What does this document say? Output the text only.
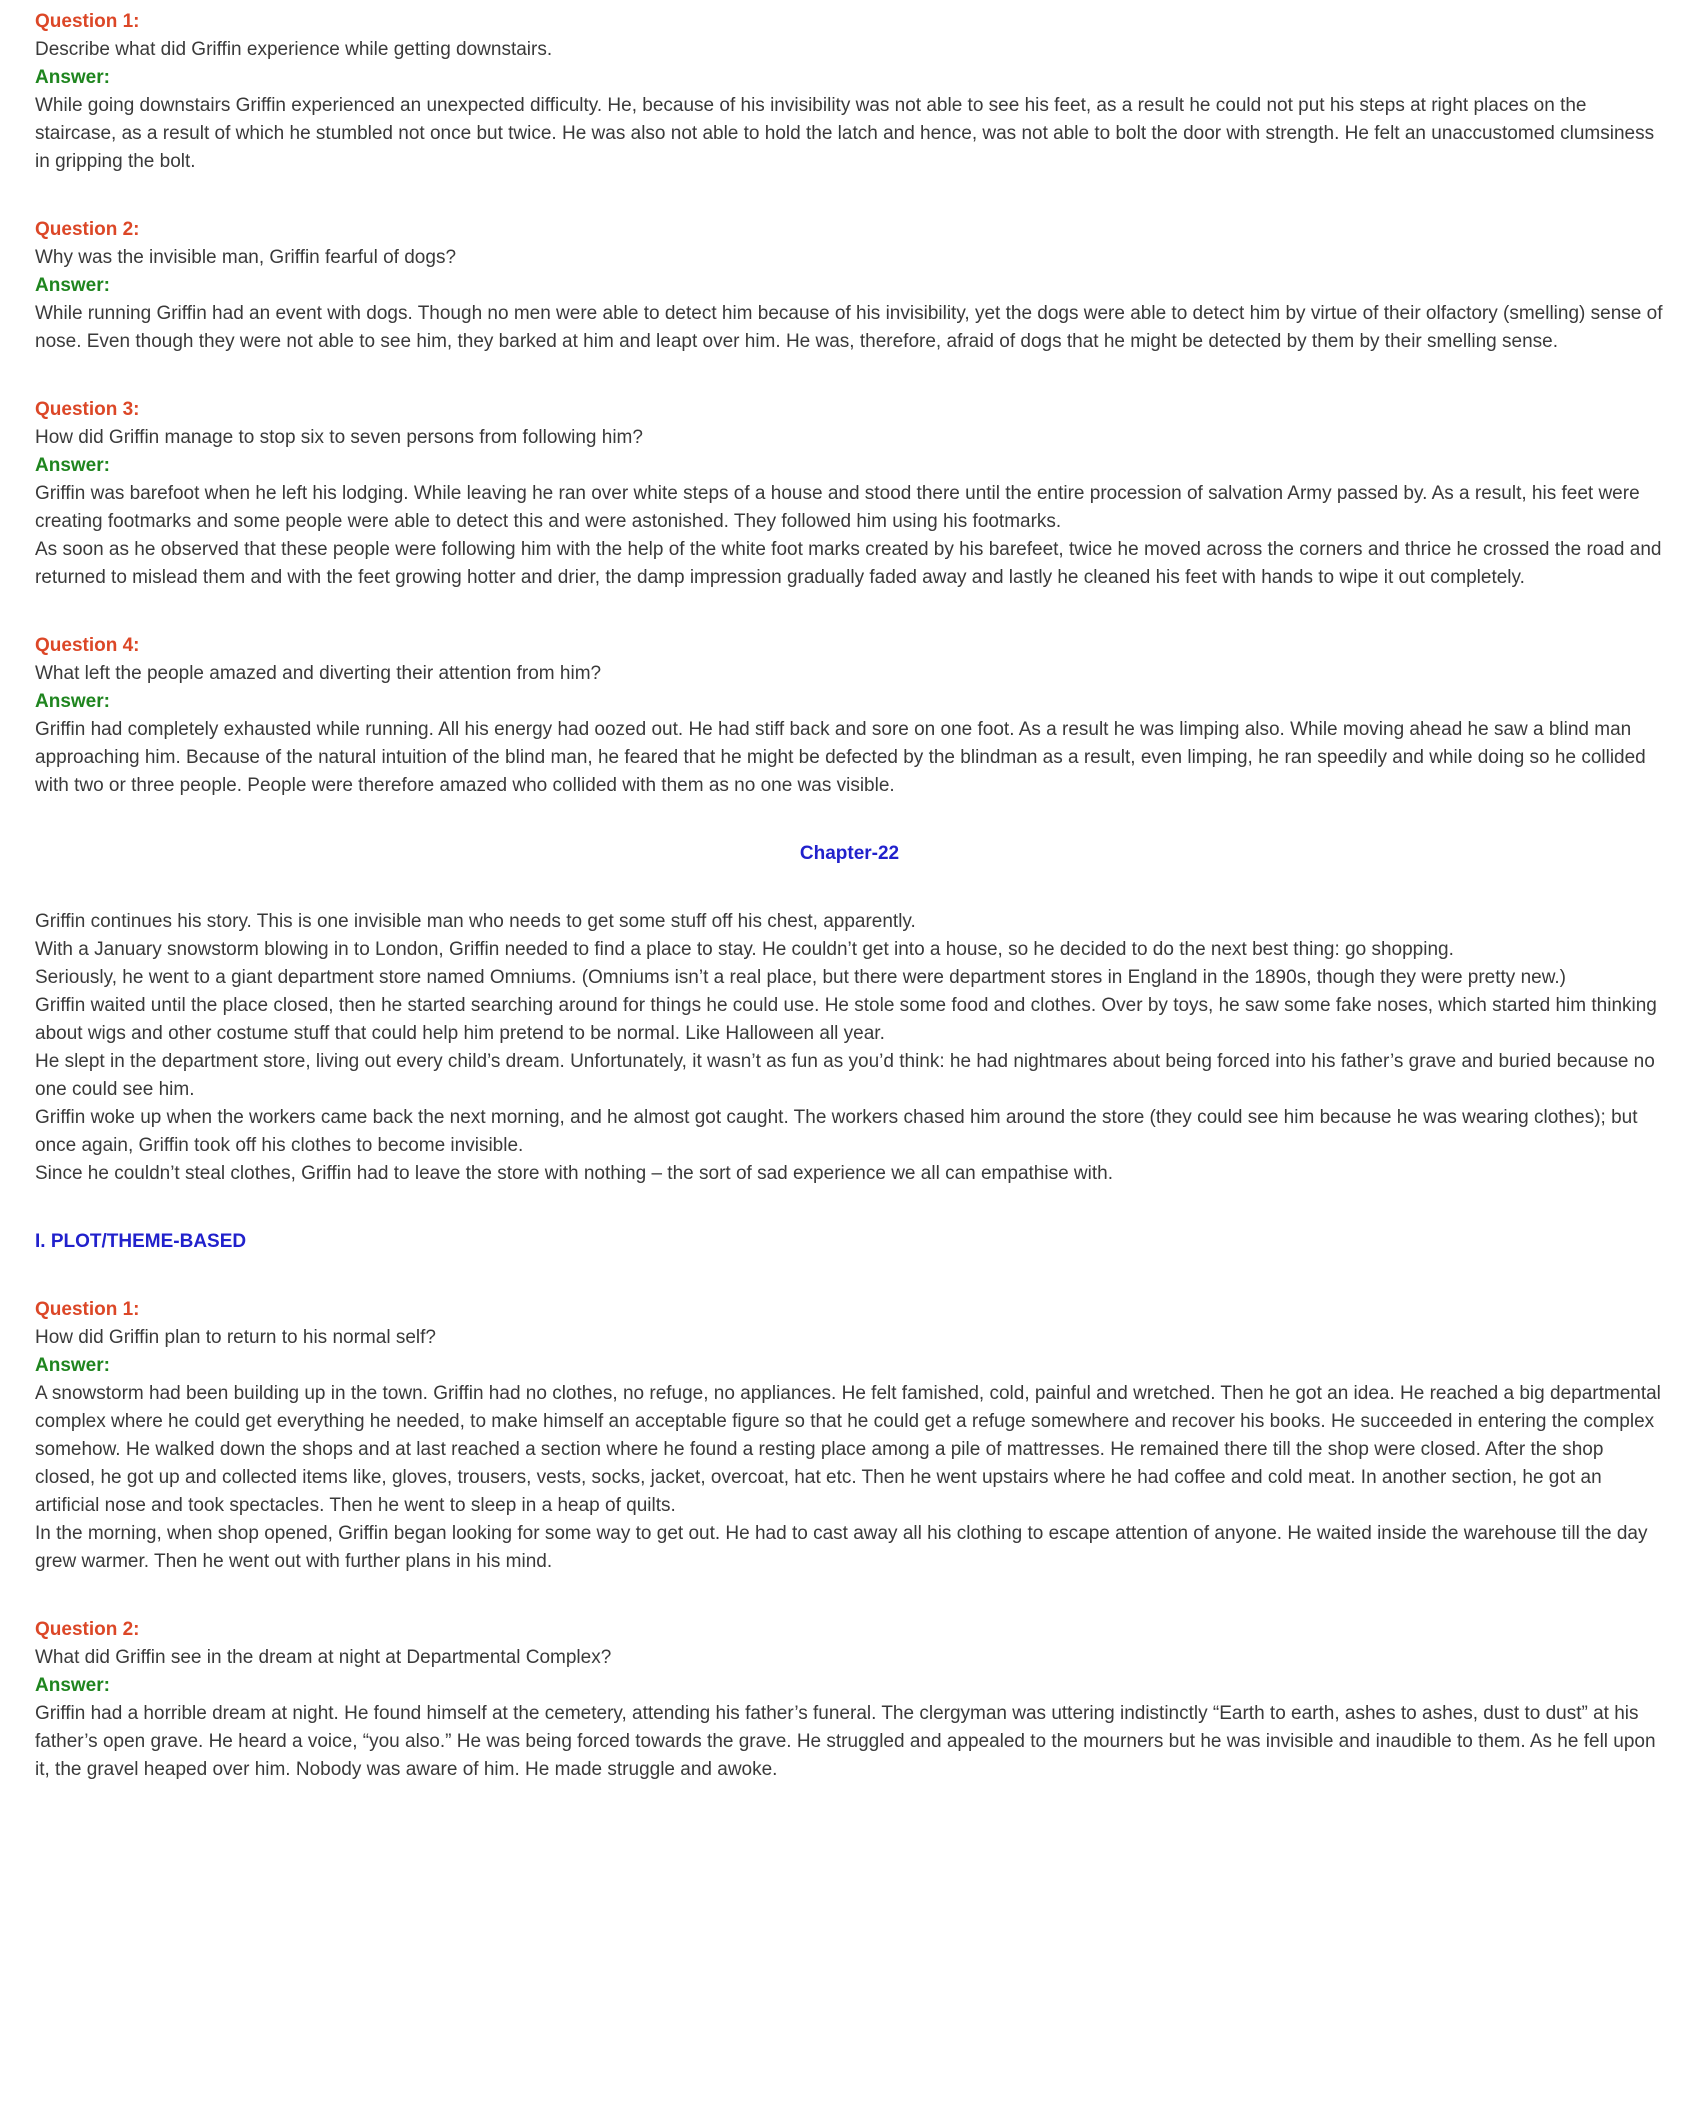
Question 1:

Describe what did Griffin experience while getting downstairs.

Answer:

While going downstairs Griffin experienced an unexpected difficulty. He, because of his invisibility was not able to see his feet, as a result he could not put his steps at right places on the staircase, as a result of which he stumbled not once but twice. He was also not able to hold the latch and hence, was not able to bolt the door with strength. He felt an unaccustomed clumsiness in gripping the bolt.

Question 2:

Why was the invisible man, Griffin fearful of dogs?

Answer:

While running Griffin had an event with dogs. Though no men were able to detect him because of his invisibility, yet the dogs were able to detect him by virtue of their olfactory (smelling) sense of nose. Even though they were not able to see him, they barked at him and leapt over him. He was, therefore, afraid of dogs that he might be detected by them by their smelling sense.

Question 3:

How did Griffin manage to stop six to seven persons from following him?

Answer:

Griffin was barefoot when he left his lodging. While leaving he ran over white steps of a house and stood there until the entire procession of salvation Army passed by. As a result, his feet were creating footmarks and some people were able to detect this and were astonished. They followed him using his footmarks.

As soon as he observed that these people were following him with the help of the white foot marks created by his barefeet, twice he moved across the corners and thrice he crossed the road and returned to mislead them and with the feet growing hotter and drier, the damp impression gradually faded away and lastly he cleaned his feet with hands to wipe it out completely.

Question 4:

What left the people amazed and diverting their attention from him?

Answer:

Griffin had completely exhausted while running. All his energy had oozed out. He had stiff back and sore on one foot. As a result he was limping also. While moving ahead he saw a blind man approaching him. Because of the natural intuition of the blind man, he feared that he might be defected by the blindman as a result, even limping, he ran speedily and while doing so he collided with two or three people. People were therefore amazed who collided with them as no one was visible.

Chapter-22

Griffin continues his story. This is one invisible man who needs to get some stuff off his chest, apparently.

With a January snowstorm blowing in to London, Griffin needed to find a place to stay. He couldn’t get into a house, so he decided to do the next best thing: go shopping.

Seriously, he went to a giant department store named Omniums. (Omniums isn’t a real place, but there were department stores in England in the 1890s, though they were pretty new.)

Griffin waited until the place closed, then he started searching around for things he could use. He stole some food and clothes. Over by toys, he saw some fake noses, which started him thinking about wigs and other costume stuff that could help him pretend to be normal. Like Halloween all year.

He slept in the department store, living out every child’s dream. Unfortunately, it wasn’t as fun as you’d think: he had nightmares about being forced into his father’s grave and buried because no one could see him.

Griffin woke up when the workers came back the next morning, and he almost got caught. The workers chased him around the store (they could see him because he was wearing clothes); but once again, Griffin took off his clothes to become invisible.

Since he couldn’t steal clothes, Griffin had to leave the store with nothing – the sort of sad experience we all can empathise with.

I. PLOT/THEME-BASED
Question 1:

How did Griffin plan to return to his normal self?

Answer:

A snowstorm had been building up in the town. Griffin had no clothes, no refuge, no appliances. He felt famished, cold, painful and wretched. Then he got an idea. He reached a big departmental complex where he could get everything he needed, to make himself an acceptable figure so that he could get a refuge somewhere and recover his books. He succeeded in entering the complex somehow. He walked down the shops and at last reached a section where he found a resting place among a pile of mattresses. He remained there till the shop were closed. After the shop closed, he got up and collected items like, gloves, trousers, vests, socks, jacket, overcoat, hat etc. Then he went upstairs where he had coffee and cold meat. In another section, he got an artificial nose and took spectacles. Then he went to sleep in a heap of quilts.

In the morning, when shop opened, Griffin began looking for some way to get out. He had to cast away all his clothing to escape attention of anyone. He waited inside the warehouse till the day grew warmer. Then he went out with further plans in his mind.

Question 2:

What did Griffin see in the dream at night at Departmental Complex?

Answer:

Griffin had a horrible dream at night. He found himself at the cemetery, attending his father’s funeral. The clergyman was uttering indistinctly “Earth to earth, ashes to ashes, dust to dust” at his father’s open grave. He heard a voice, “you also.” He was being forced towards the grave. He struggled and appealed to the mourners but he was invisible and inaudible to them. As he fell upon it, the gravel heaped over him. Nobody was aware of him. He made struggle and awoke.
